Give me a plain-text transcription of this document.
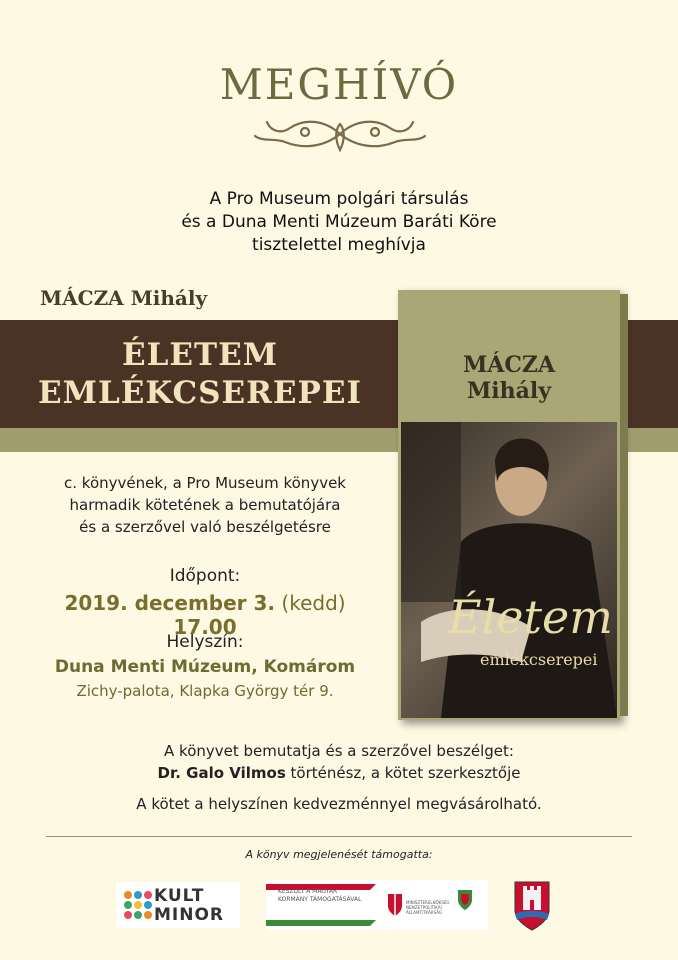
MEGHÍVÓ
A Pro Museum polgári társulás
és a Duna Menti Múzeum Baráti Köre
tisztelettel meghívja
MÁCZA Mihály
ÉLETEM
EMLÉKCSEREPEI
MÁCZA
Mihály
Életem
emlékcserepei
c. könyvének, a Pro Museum könyvek
harmadik kötetének a bemutatójára
és a szerzővel való beszélgetésre
Időpont:
2019. december 3. (kedd) 17.00
Helyszín:
Duna Menti Múzeum, Komárom
Zichy-palota, Klapka György tér 9.
A könyvet bemutatja és a szerzővel beszélget:
Dr. Galo Vilmos történész, a kötet szerkesztője
A kötet a helyszínen kedvezménnyel megvásárolható.
A könyv megjelenését támogatta:
KULT
MINOR
KÉSZÜLT A MAGYAR KORMÁNY TÁMOGATÁSÁVAL	MINISZTERELNÖKSÉG NEMZETPOLITIKAI ÁLLAMTITKÁRSÁG
